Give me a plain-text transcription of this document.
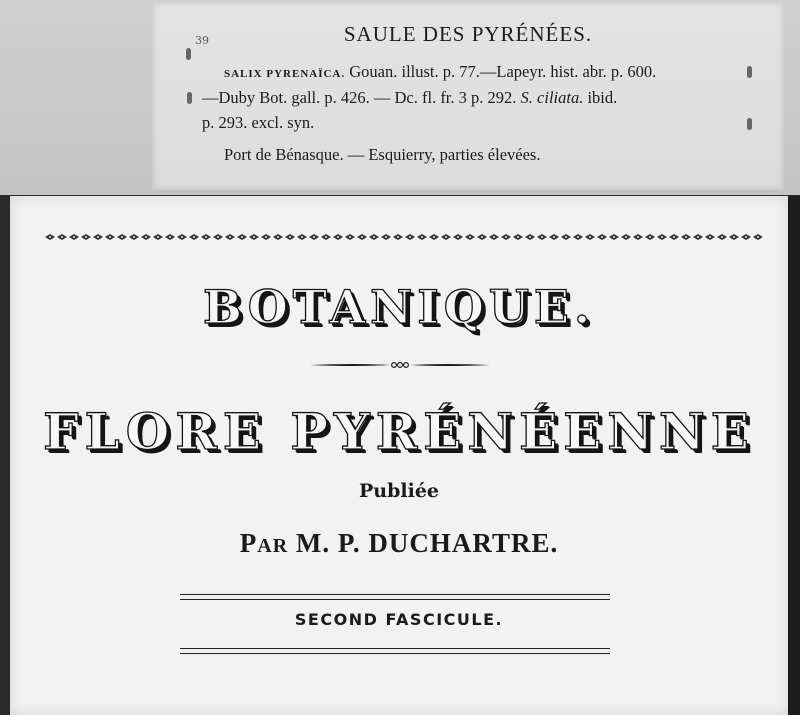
39	SAULE DES PYRÉNÉES.
SALIX PYRENAÏCA. Gouan. illust. p. 77.—Lapeyr. hist. abr. p. 600.
—Duby Bot. gall. p. 426. — Dc. fl. fr. 3 p. 292. S. ciliata. ibid.
p. 293. excl. syn.
Port de Bénasque. — Esquierry, parties élevées.
BOTANIQUE.
FLORE PYRÉNÉENNE
Publiée
PAR M. P. DUCHARTRE.
SECOND FASCICULE.
